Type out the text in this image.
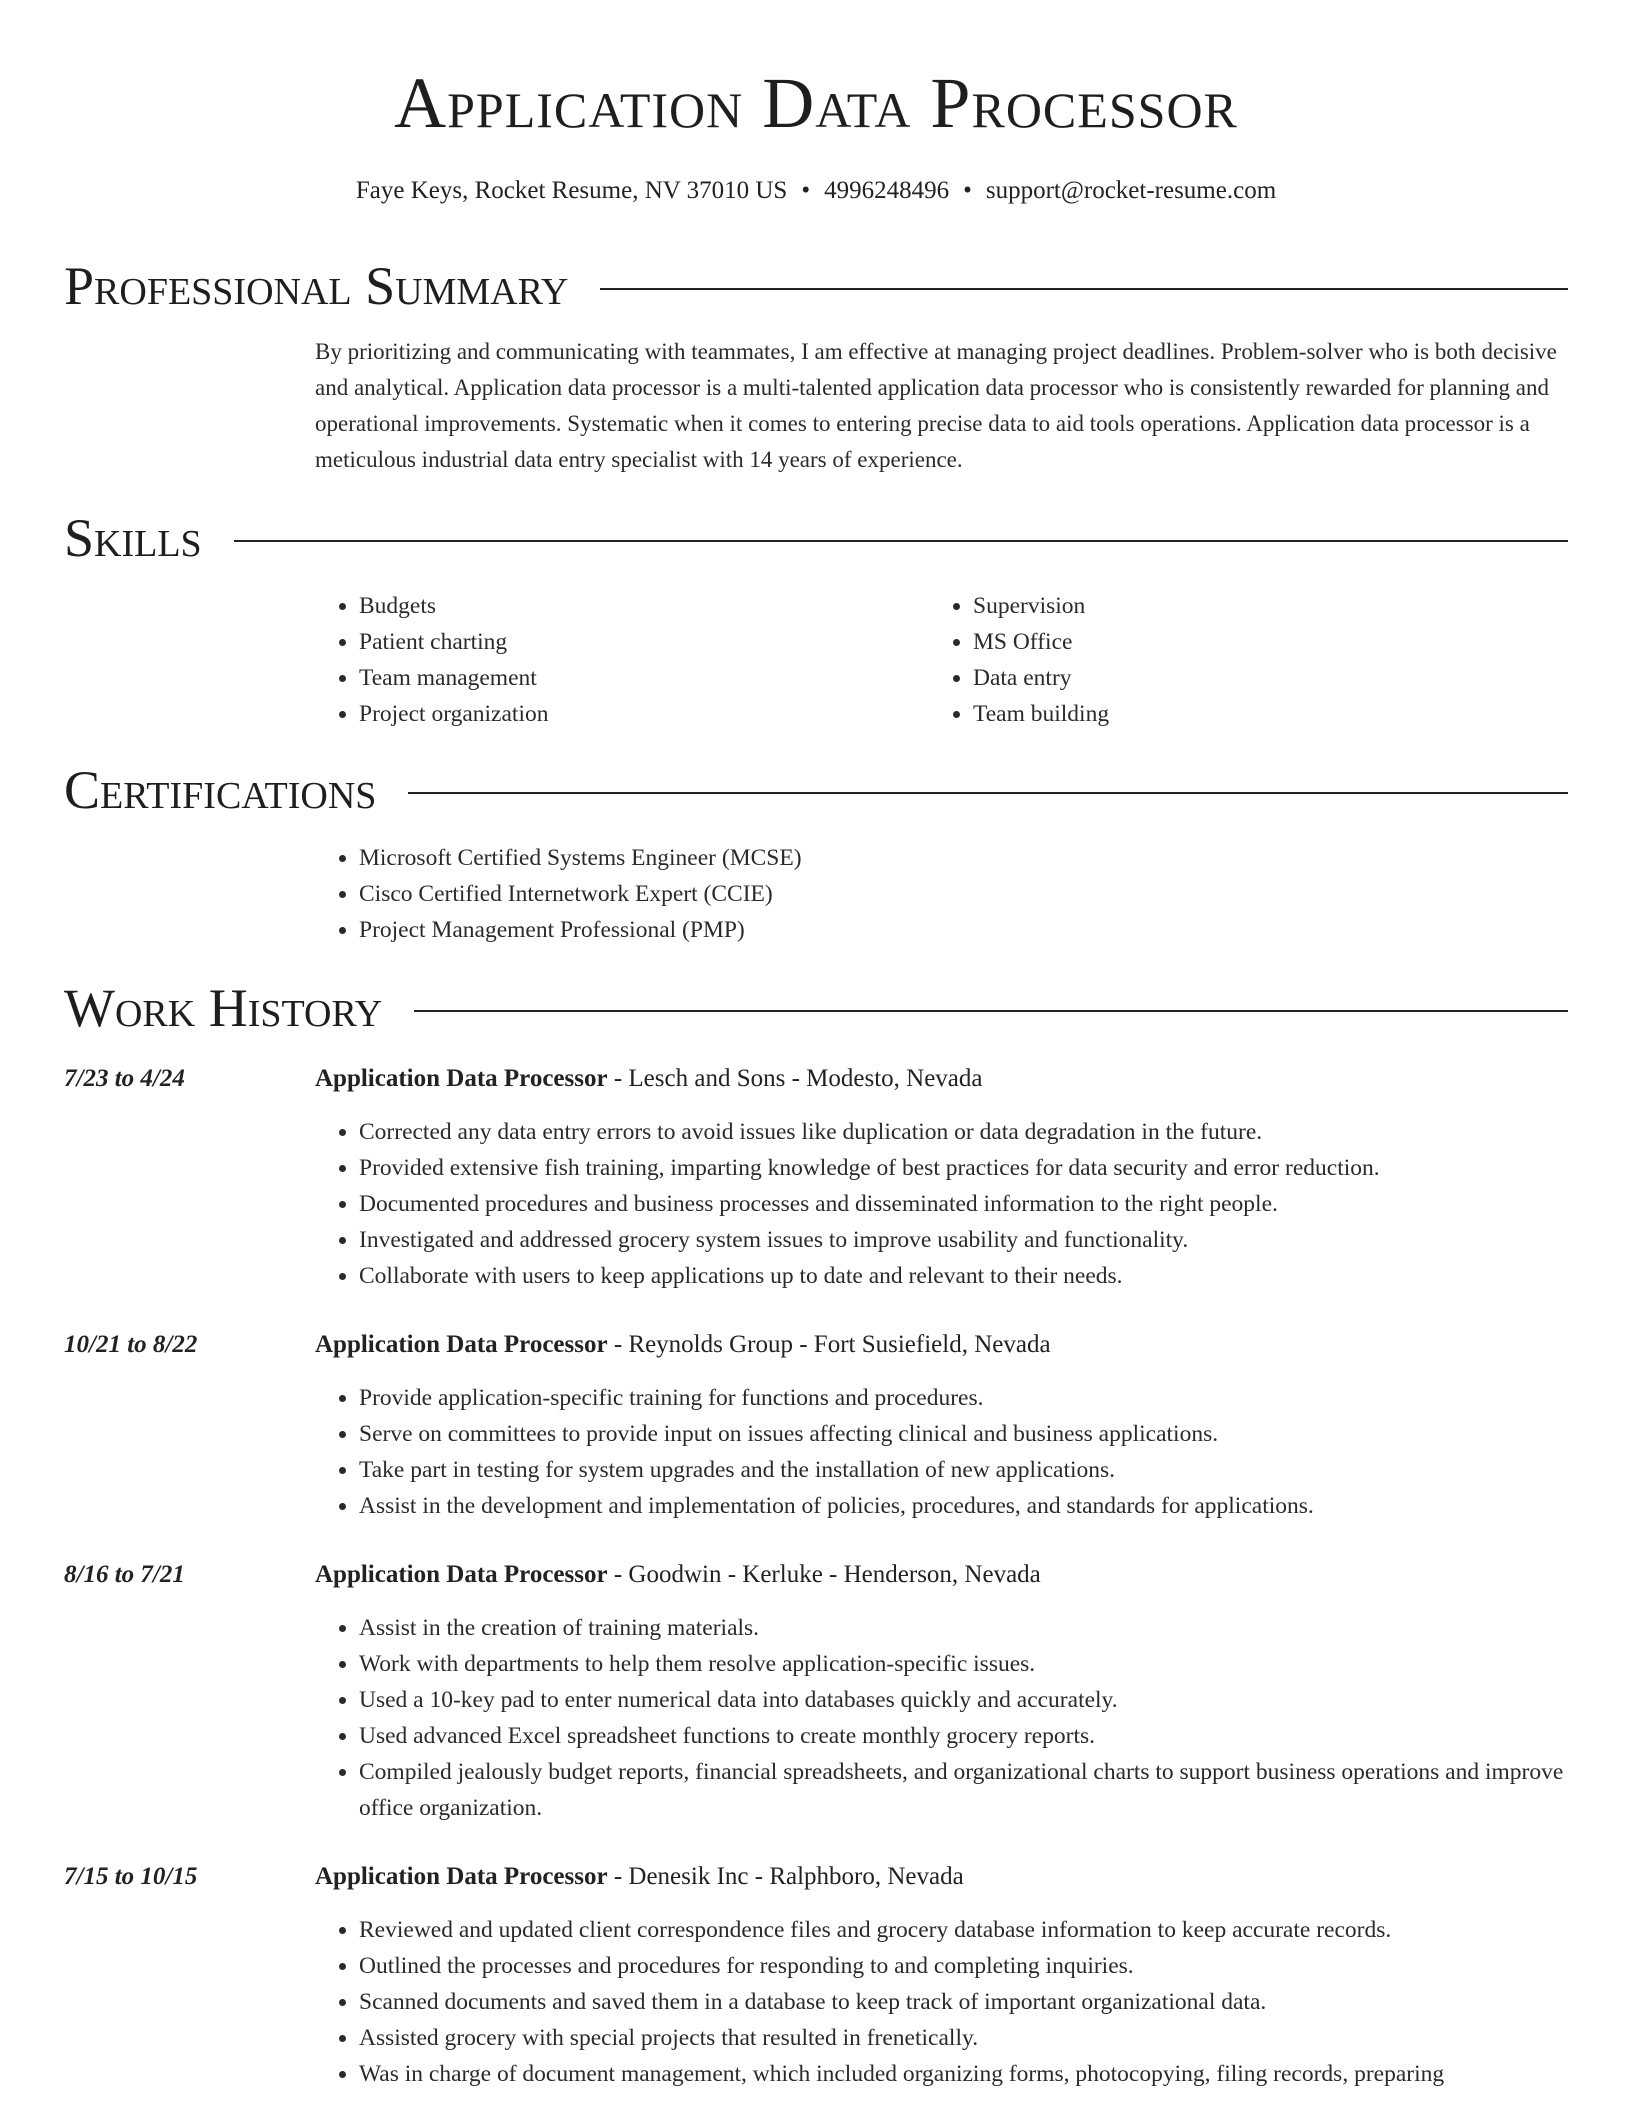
Application Data Processor
Faye Keys, Rocket Resume, NV 37010 US • 4996248496 • support@rocket-resume.com
Professional Summary
By prioritizing and communicating with teammates, I am effective at managing project deadlines. Problem-solver who is both decisive and analytical. Application data processor is a multi-talented application data processor who is consistently rewarded for planning and operational improvements. Systematic when it comes to entering precise data to aid tools operations. Application data processor is a meticulous industrial data entry specialist with 14 years of experience.
Skills
• Budgets
• Patient charting
• Team management
• Project organization
• Supervision
• MS Office
• Data entry
• Team building
Certifications
• Microsoft Certified Systems Engineer (MCSE)
• Cisco Certified Internetwork Expert (CCIE)
• Project Management Professional (PMP)
Work History
7/23 to 4/24	Application Data Processor - Lesch and Sons - Modesto, Nevada
• Corrected any data entry errors to avoid issues like duplication or data degradation in the future.
• Provided extensive fish training, imparting knowledge of best practices for data security and error reduction.
• Documented procedures and business processes and disseminated information to the right people.
• Investigated and addressed grocery system issues to improve usability and functionality.
• Collaborate with users to keep applications up to date and relevant to their needs.
10/21 to 8/22	Application Data Processor - Reynolds Group - Fort Susiefield, Nevada
• Provide application-specific training for functions and procedures.
• Serve on committees to provide input on issues affecting clinical and business applications.
• Take part in testing for system upgrades and the installation of new applications.
• Assist in the development and implementation of policies, procedures, and standards for applications.
8/16 to 7/21	Application Data Processor - Goodwin - Kerluke - Henderson, Nevada
• Assist in the creation of training materials.
• Work with departments to help them resolve application-specific issues.
• Used a 10-key pad to enter numerical data into databases quickly and accurately.
• Used advanced Excel spreadsheet functions to create monthly grocery reports.
• Compiled jealously budget reports, financial spreadsheets, and organizational charts to support business operations and improve office organization.
7/15 to 10/15	Application Data Processor - Denesik Inc - Ralphboro, Nevada
• Reviewed and updated client correspondence files and grocery database information to keep accurate records.
• Outlined the processes and procedures for responding to and completing inquiries.
• Scanned documents and saved them in a database to keep track of important organizational data.
• Assisted grocery with special projects that resulted in frenetically.
• Was in charge of document management, which included organizing forms, photocopying, filing records, preparing
